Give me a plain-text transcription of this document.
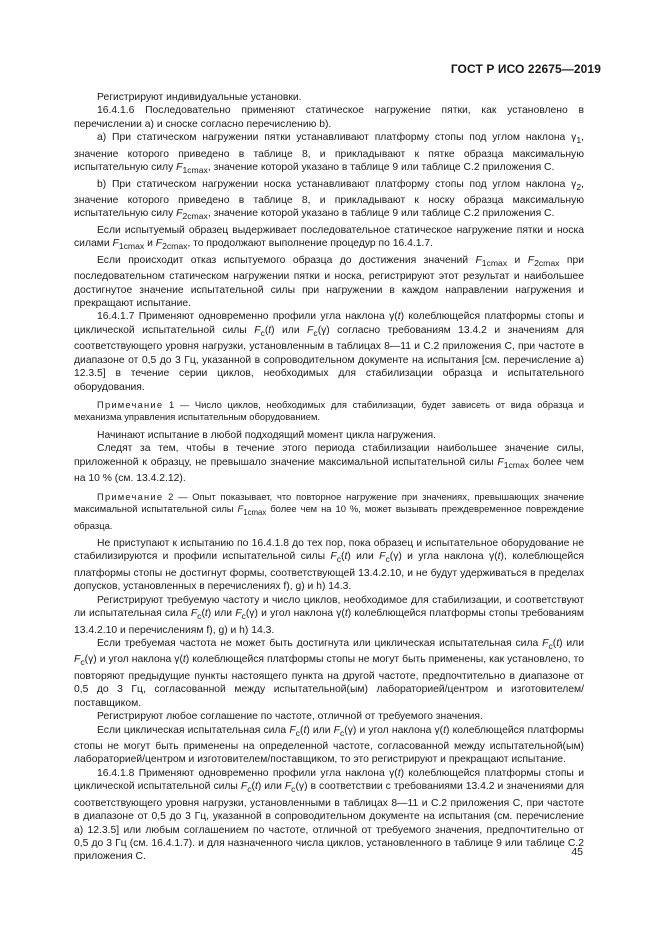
ГОСТ Р ИСО 22675—2019

Регистрируют индивидуальные установки.

16.4.1.6 Последовательно применяют статическое нагружение пятки, как установлено в перечислении а) и сноске согласно перечислению b).

а) При статическом нагружении пятки устанавливают платформу стопы под углом наклона $\gamma_1$, значение которого приведено в таблице 8, и прикладывают к пятке образца максимальную испытательную силу $F_{1cmax}$, значение которой указано в таблице 9 или таблице С.2 приложения С.

b) При статическом нагружении носка устанавливают платформу стопы под углом наклона $\gamma_2$, значение которого приведено в таблице 8, и прикладывают к носку образца максимальную испытательную силу $F_{2cmax}$, значение которой указано в таблице 9 или таблице С.2 приложения С.

Если испытуемый образец выдерживает последовательное статическое нагружение пятки и носка силами $F_{1cmax}$ и $F_{2cmax}$, то продолжают выполнение процедур по 16.4.1.7.

Если происходит отказ испытуемого образца до достижения значений $F_{1cmax}$ и $F_{2cmax}$ при последовательном статическом нагружении пятки и носка, регистрируют этот результат и наибольшее достигнутое значение испытательной силы при нагружении в каждом направлении нагружения и прекращают испытание.

16.4.1.7 Применяют одновременно профили угла наклона γ(t) колеблющейся платформы стопы и циклической испытательной силы $F_c(t)$ или $F_c(\gamma)$ согласно требованиям 13.4.2 и значениям для соответствующего уровня нагрузки, установленным в таблицах 8—11 и С.2 приложения С, при частоте в диапазоне от 0,5 до 3 Гц, указанной в сопроводительном документе на испытания [см. перечисление а) 12.3.5] в течение серии циклов, необходимых для стабилизации образца и испытательного оборудования.

Примечание 1 — Число циклов, необходимых для стабилизации, будет зависеть от вида образца и механизма управления испытательным оборудованием.

Начинают испытание в любой подходящий момент цикла нагружения.

Следят за тем, чтобы в течение этого периода стабилизации наибольшее значение силы, приложенной к образцу, не превышало значение максимальной испытательной силы $F_{1cmax}$ более чем на 10 % (см. 13.4.2.12).

Примечание 2 — Опыт показывает, что повторное нагружение при значениях, превышающих значение максимальной испытательной силы $F_{1cmax}$ более чем на 10 %, может вызывать преждевременное повреждение образца.

Не приступают к испытанию по 16.4.1.8 до тех пор, пока образец и испытательное оборудование не стабилизируются и профили испытательной силы $F_c(t)$ или $F_c(\gamma)$ и угла наклона γ(t), колеблющейся платформы стопы не достигнут формы, соответствующей 13.4.2.10, и не будут удерживаться в пределах допусков, установленных в перечислениях f), g) и h) 14.3.

Регистрируют требуемую частоту и число циклов, необходимое для стабилизации, и соответствуют ли испытательная сила $F_c(t)$ или $F_c(\gamma)$ и угол наклона γ(t) колеблющейся платформы стопы требованиям 13.4.2.10 и перечислениям f), g) и h) 14.3.

Если требуемая частота не может быть достигнута или циклическая испытательная сила $F_c(t)$ или $F_c(\gamma)$ и угол наклона γ(t) колеблющейся платформы стопы не могут быть применены, как установлено, то повторяют предыдущие пункты настоящего пункта на другой частоте, предпочтительно в диапазоне от 0,5 до 3 Гц, согласованной между испытательной(ым) лабораторией/центром и изготовителем/поставщиком.

Регистрируют любое соглашение по частоте, отличной от требуемого значения.

Если циклическая испытательная сила $F_c(t)$ или $F_c(\gamma)$ и угол наклона γ(t) колеблющейся платформы стопы не могут быть применены на определенной частоте, согласованной между испытательной(ым) лабораторией/центром и изготовителем/поставщиком, то это регистрируют и прекращают испытание.

16.4.1.8 Применяют одновременно профили угла наклона γ(t) колеблющейся платформы стопы и циклической испытательной силы $F_c(t)$ или $F_c(\gamma)$ в соответствии с требованиями 13.4.2 и значениями для соответствующего уровня нагрузки, установленными в таблицах 8—11 и С.2 приложения С, при частоте в диапазоне от 0,5 до 3 Гц, указанной в сопроводительном документе на испытания (см. перечисление а) 12.3.5] или любым соглашением по частоте, отличной от требуемого значения, предпочтительно от 0,5 до 3 Гц (см. 16.4.1.7). и для назначенного числа циклов, установленного в таблице 9 или таблице С.2 приложения С.	45
